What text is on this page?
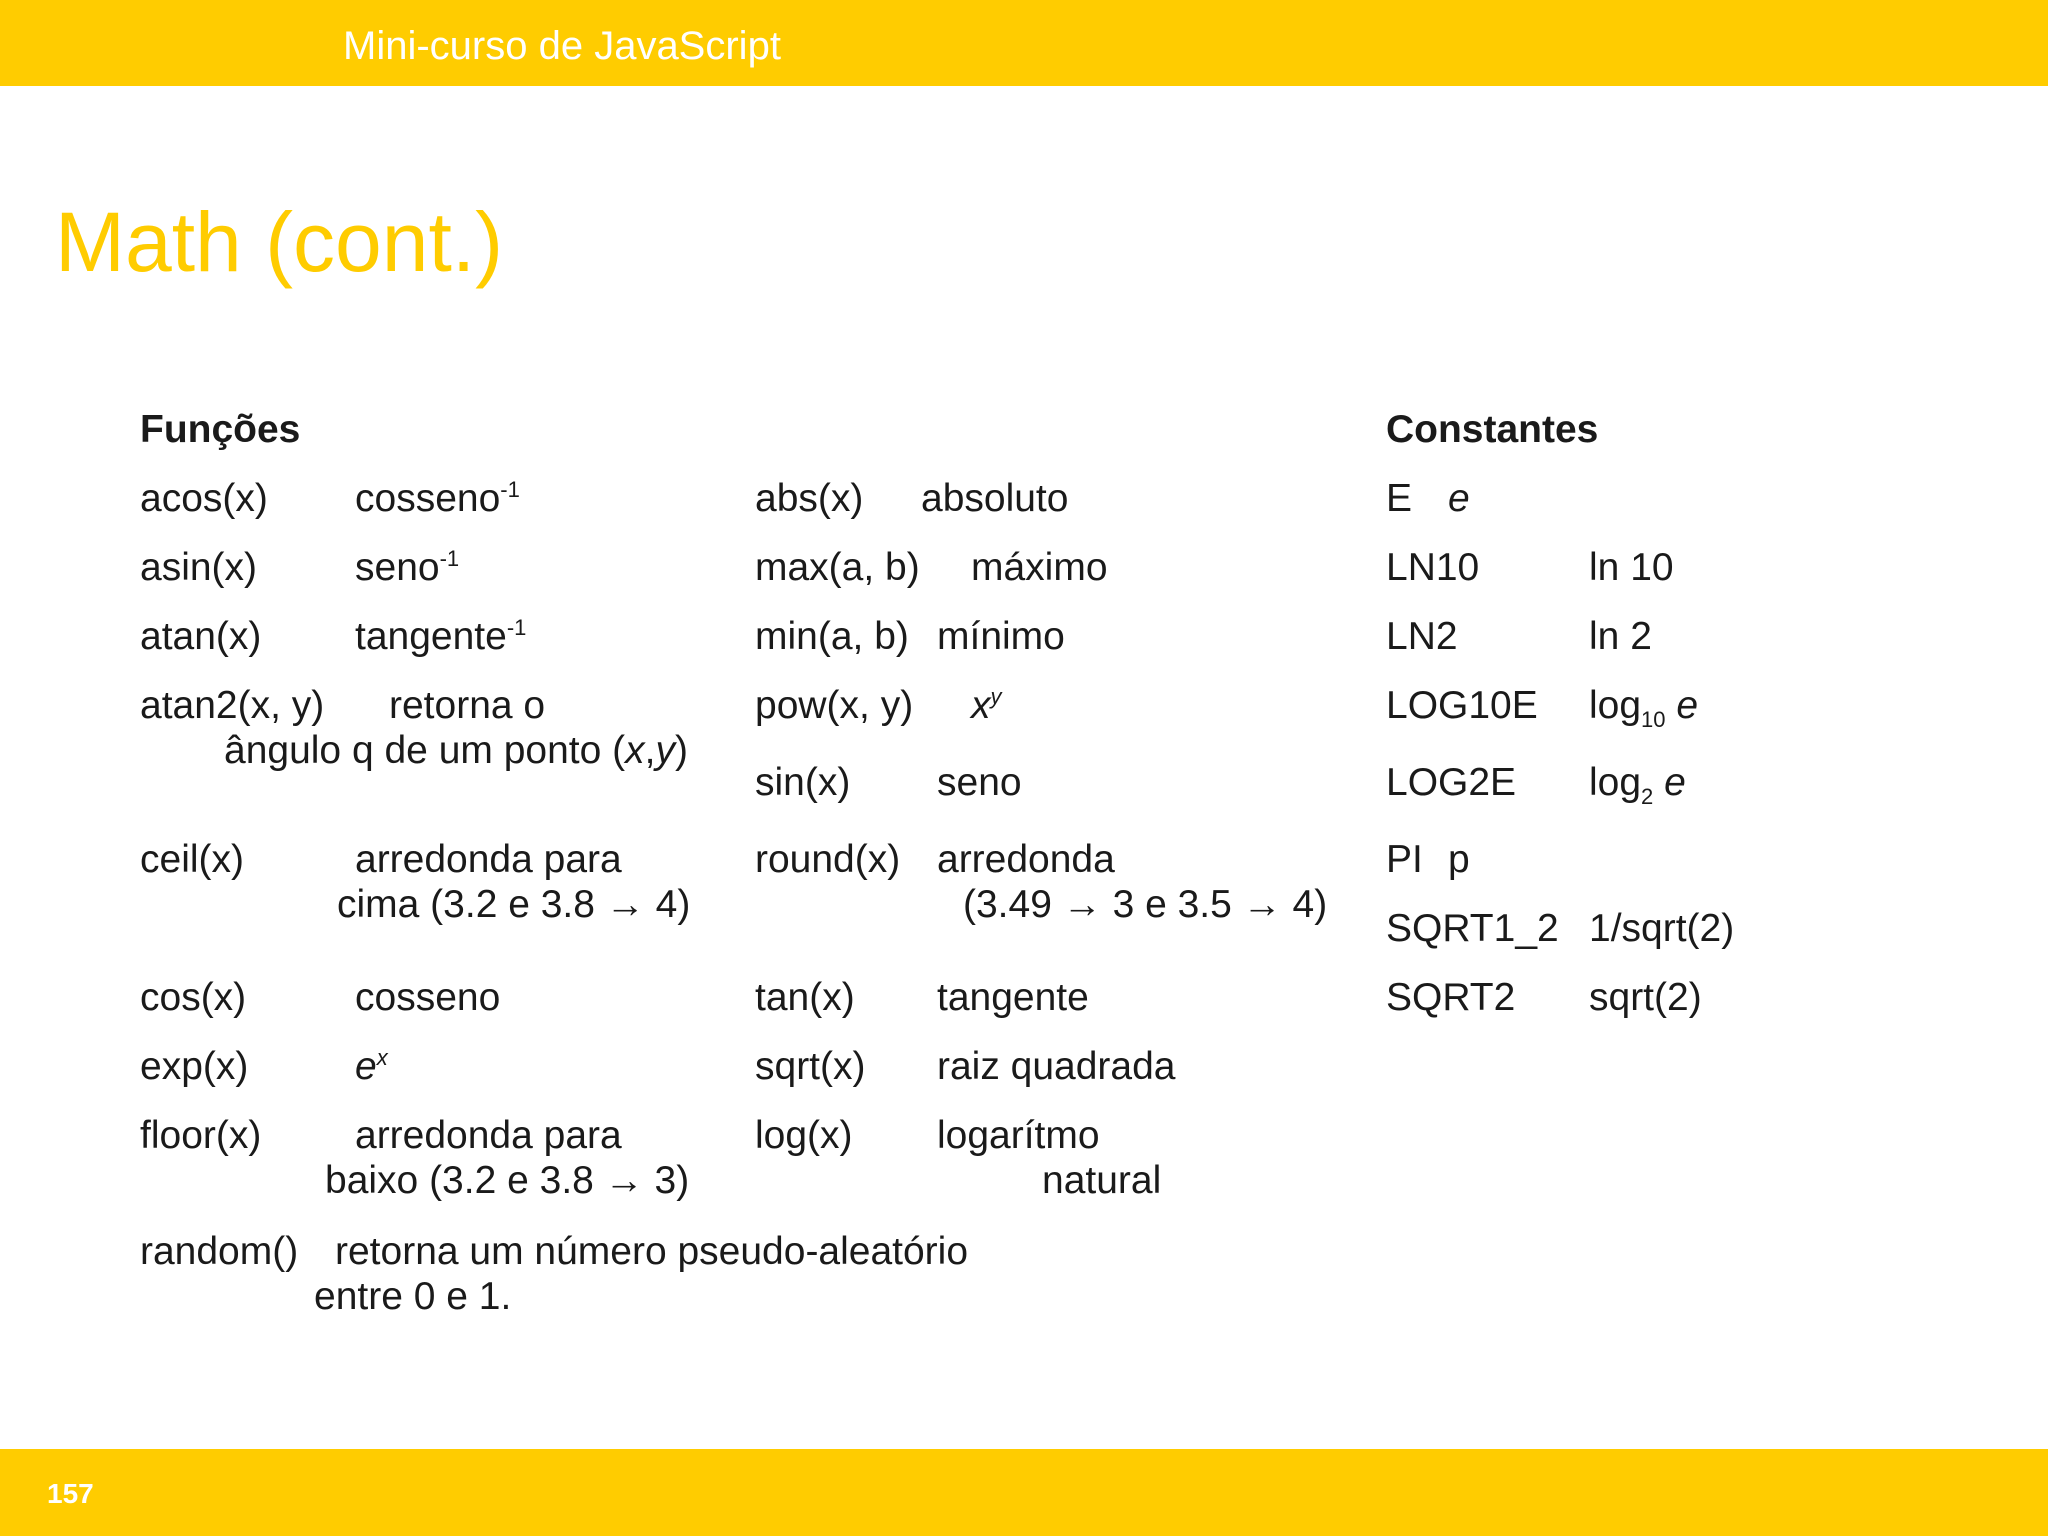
Mini-curso de JavaScript
Math (cont.)
Funções
acos(x) cosseno$^{-1}$
asin(x)	seno$^{-1}$
atan(x) tangente$^{-1}$
atan2(x, y) retorna o
ângulo q de um ponto (x,y)
ceil(x)	arredonda para
cima (3.2 e 3.8 → 4)
cos(x)	cosseno
exp(x)	$e^x$
floor(x) arredonda para
baixo (3.2 e 3.8 → 3)
random() retorna um número pseudo-aleatório
entre 0 e 1.
abs(x) absoluto
max(a, b) máximo
min(a, b) mínimo
pow(x, y) $x^y$
sin(x) seno
round(x) arredonda
(3.49 → 3 e 3.5 → 4)
tan(x) tangente
sqrt(x) raiz quadrada
log(x) logarítmo
natural
Constantes
E e
LN10	ln 10
LN2	ln 2
LOG10E $\log_{10} e$
LOG2E $\log_2 e$
PI p
SQRT1_2 1/sqrt(2)
SQRT2 sqrt(2)
157
